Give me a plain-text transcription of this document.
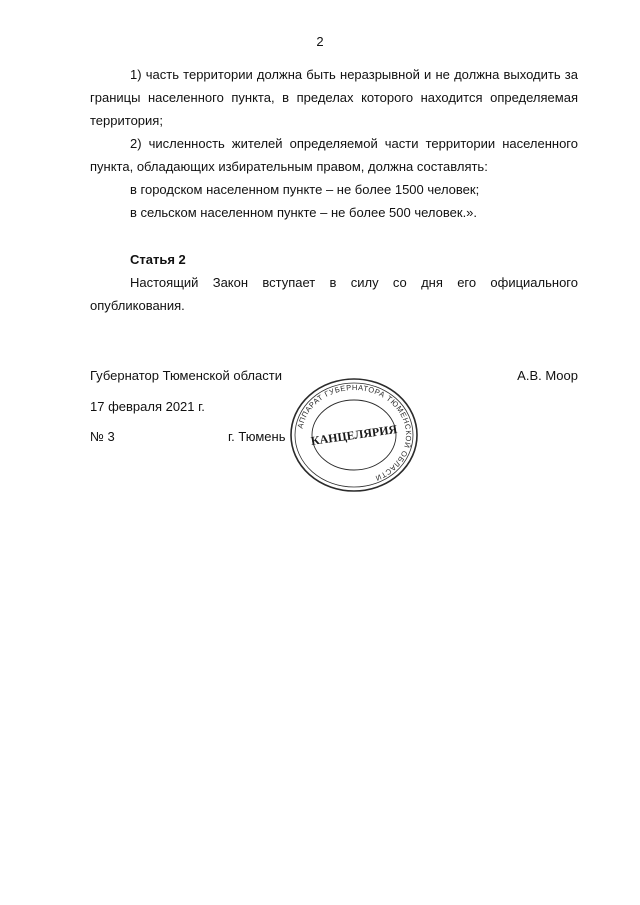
2

1) часть территории должна быть неразрывной и не должна выходить за границы населенного пункта, в пределах которого находится определяемая территория;

2) численность жителей определяемой части территории населенного пункта, обладающих избирательным правом, должна составлять:

в городском населенном пункте – не более 1500 человек;

в сельском населенном пункте – не более 500 человек.».

Статья 2

Настоящий Закон вступает в силу со дня его официального опубликования.

Губернатор Тюменской области	А.В. Моор
17 февраля 2021 г.
№ 3	г. Тюмень
АППАРАТ ГУБЕРНАТОРА ТЮМЕНСКОЙ ОБЛАСТИ
КАНЦЕЛЯРИЯ
